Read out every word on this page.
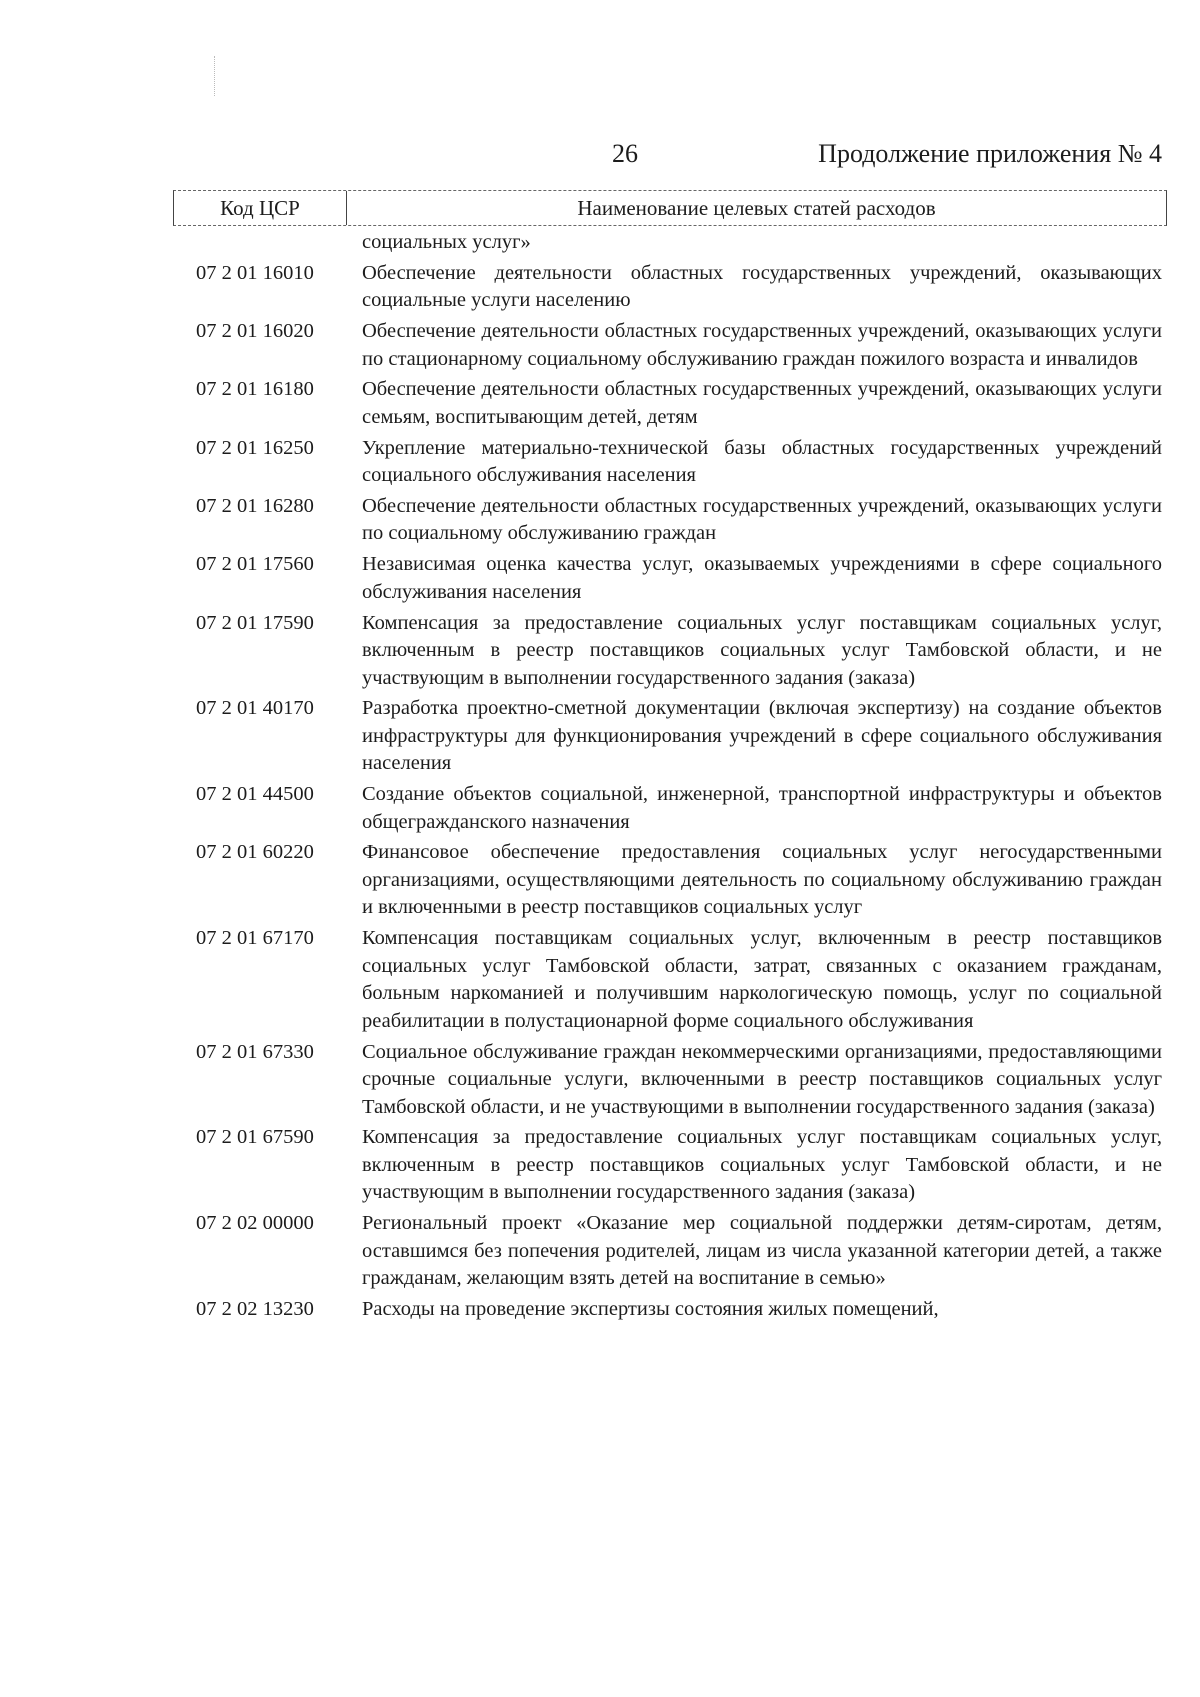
26	Продолжение приложения № 4
Код ЦСР	Наименование целевых статей расходов
социальных услуг»
07 2 01 16010	Обеспечение деятельности областных государственных учреждений, оказывающих социальные услуги населению
07 2 01 16020	Обеспечение деятельности областных государственных учреждений, оказывающих услуги по стационарному социальному обслуживанию граждан пожилого возраста и инвалидов
07 2 01 16180	Обеспечение деятельности областных государственных учреждений, оказывающих услуги семьям, воспитывающим детей, детям
07 2 01 16250	Укрепление материально-технической базы областных государственных учреждений социального обслуживания населения
07 2 01 16280	Обеспечение деятельности областных государственных учреждений, оказывающих услуги по социальному обслуживанию граждан
07 2 01 17560	Независимая оценка качества услуг, оказываемых учреждениями в сфере социального обслуживания населения
07 2 01 17590	Компенсация за предоставление социальных услуг поставщикам социальных услуг, включенным в реестр поставщиков социальных услуг Тамбовской области, и не участвующим в выполнении государственного задания (заказа)
07 2 01 40170	Разработка проектно-сметной документации (включая экспертизу) на создание объектов инфраструктуры для функционирования учреждений в сфере социального обслуживания населения
07 2 01 44500	Создание объектов социальной, инженерной, транспортной инфраструктуры и объектов общегражданского назначения
07 2 01 60220	Финансовое обеспечение предоставления социальных услуг негосударственными организациями, осуществляющими деятельность по социальному обслуживанию граждан и включенными в реестр поставщиков социальных услуг
07 2 01 67170	Компенсация поставщикам социальных услуг, включенным в реестр поставщиков социальных услуг Тамбовской области, затрат, связанных с оказанием гражданам, больным наркоманией и получившим наркологическую помощь, услуг по социальной реабилитации в полустационарной форме социального обслуживания
07 2 01 67330	Социальное обслуживание граждан некоммерческими организациями, предоставляющими срочные социальные услуги, включенными в реестр поставщиков социальных услуг Тамбовской области, и не участвующими в выполнении государственного задания (заказа)
07 2 01 67590	Компенсация за предоставление социальных услуг поставщикам социальных услуг, включенным в реестр поставщиков социальных услуг Тамбовской области, и не участвующим в выполнении государственного задания (заказа)
07 2 02 00000	Региональный проект «Оказание мер социальной поддержки детям-сиротам, детям, оставшимся без попечения родителей, лицам из числа указанной категории детей, а также гражданам, желающим взять детей на воспитание в семью»
07 2 02 13230	Расходы на проведение экспертизы состояния жилых помещений,
